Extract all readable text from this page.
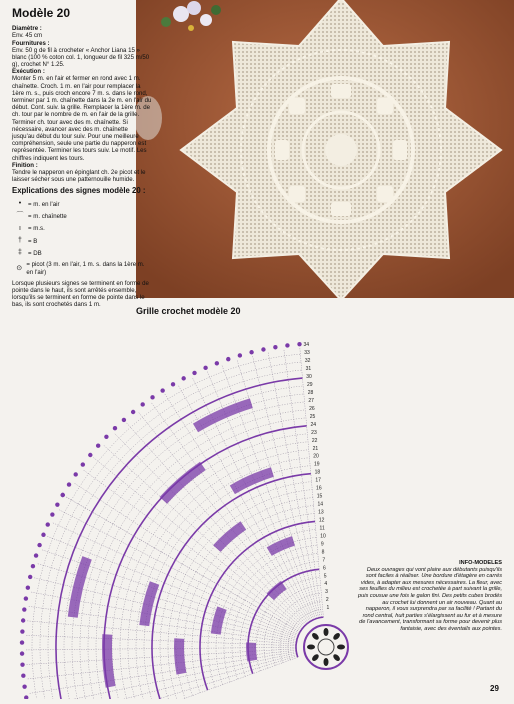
Modèle 20
Diamètre :
Env. 45 cm
Fournitures :
Env. 50 g de fil à crocheter « Anchor Liana 15 » blanc (100 % coton col. 1, longueur de fil 325 m/50 g), crochet N° 1.25.
Exécution :
Monter 5 m. en l'air et fermer en rond avec 1 m. chaînette. Croch. 1 m. en l'air pour remplacer la 1ère m. s., puis croch encore 7 m. s. dans le rond, terminer par 1 m. chaînette dans la 2e m. en l'air du début. Cont. suiv. la grille. Remplacer la 1ère m. de ch. tour par le nombre de m. en l'air de la grille. Terminer ch. tour avec des m. chaînette. Si nécessaire, avancer avec des m. chaînette jusqu'au début du tour suiv. Pour une meilleure compréhension, seule une partie du napperon est représentée. Terminer les tours suiv. Le motif. Les chiffres indiquent les tours.
Finition :
Tendre le napperon en épinglant ch. 2e picot et le laisser sécher sous une patternouille humide.
Explications des signes modèle 20 :
•	= m. en l'air
⌒ = m. chaînette
ı	= m.s.
† = B
‡ = DB
⊙ = picot (3 m. en l'air, 1 m. s. dans la 1ère m. en l'air)
Lorsque plusieurs signes se terminent en forme de pointe dans le haut, ils sont arrêtés ensemble, lorsqu'ils se terminent en forme de pointe dans le bas, ils sont crochetés dans 1 m.
Grille crochet modèle 20
34
33
32
31
30
29
28
27
26
25
24
23
22
21
20
19
18
17
16
15
14
13
12
11
10
9
8
7
6
5
4
3
2
1
INFO-MODELES
Deux ouvrages qui vont plaire aux débutants puisqu'ils sont faciles à réaliser. Une bordure d'étagère en carrés vides, à adapter aux mesures nécessaires. La fleur, avec ses feuilles du milieu est crochetée à part suivant la grille, puis cousue une fois le galon fini. Des petits cubes brodés au crochet lui donnent un air nouveau. Quant au napperon, il vous surprendra par sa facilité ! Partant du rond central, huit parties s'élargissent au fur et à mesure de l'avancement, transformant sa forme pour devenir plus fantaisie, avec des éventails aux pointes.
29
